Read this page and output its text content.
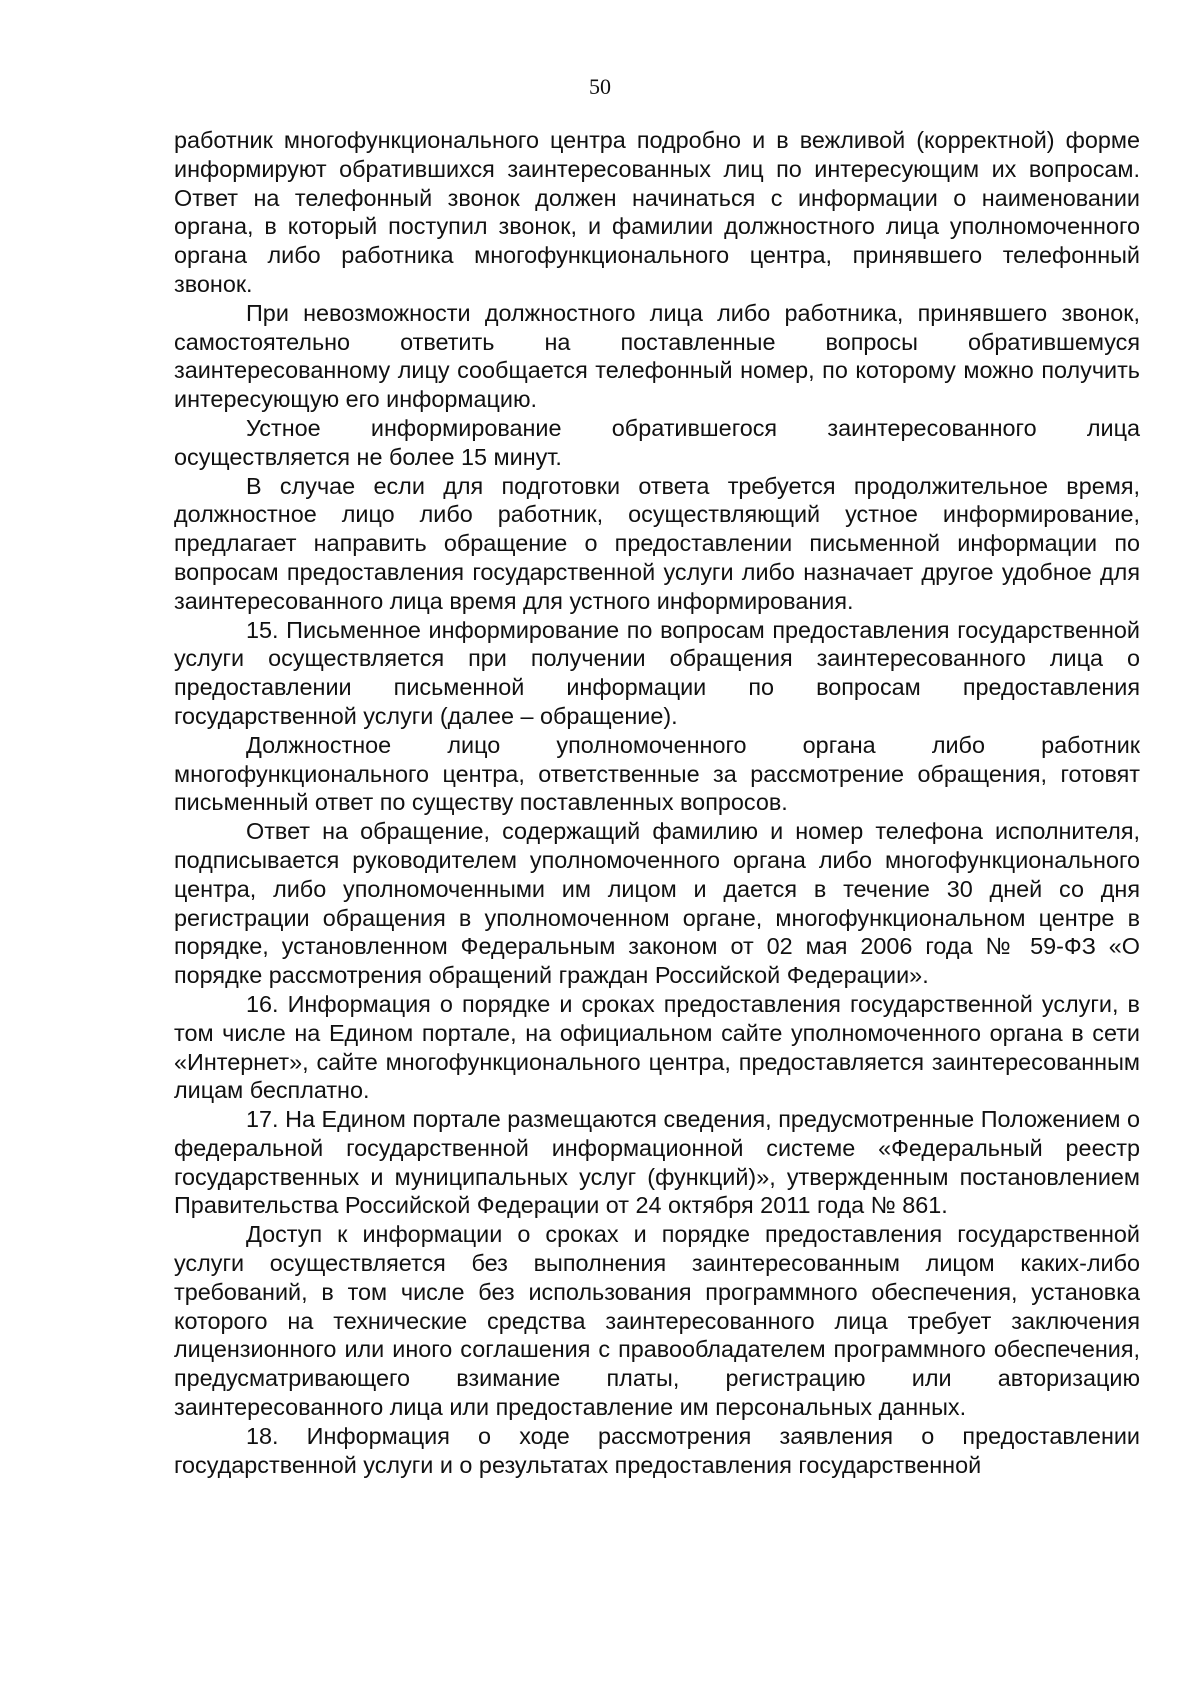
50

работник многофункционального центра подробно и в вежливой (корректной) форме информируют обратившихся заинтересованных лиц по интересующим их вопросам. Ответ на телефонный звонок должен начинаться с информации о наименовании органа, в который поступил звонок, и фамилии должностного лица уполномоченного органа либо работника многофункционального центра, принявшего телефонный звонок.

При невозможности должностного лица либо работника, принявшего звонок, самостоятельно ответить на поставленные вопросы обратившемуся заинтересованному лицу сообщается телефонный номер, по которому можно получить интересующую его информацию.

Устное информирование обратившегося заинтересованного лица осуществляется не более 15 минут.

В случае если для подготовки ответа требуется продолжительное время, должностное лицо либо работник, осуществляющий устное информирование, предлагает направить обращение о предоставлении письменной информации по вопросам предоставления государственной услуги либо назначает другое удобное для заинтересованного лица время для устного информирования.

15. Письменное информирование по вопросам предоставления государственной услуги осуществляется при получении обращения заинтересованного лица о предоставлении письменной информации по вопросам предоставления государственной услуги (далее – обращение).

Должностное лицо уполномоченного органа либо работник многофункционального центра, ответственные за рассмотрение обращения, готовят письменный ответ по существу поставленных вопросов.

Ответ на обращение, содержащий фамилию и номер телефона исполнителя, подписывается руководителем уполномоченного органа либо многофункционального центра, либо уполномоченными им лицом и дается в течение 30 дней со дня регистрации обращения в уполномоченном органе, многофункциональном центре в порядке, установленном Федеральным законом от 02 мая 2006 года № 59-ФЗ «О порядке рассмотрения обращений граждан Российской Федерации».

16. Информация о порядке и сроках предоставления государственной услуги, в том числе на Едином портале, на официальном сайте уполномоченного органа в сети «Интернет», сайте многофункционального центра, предоставляется заинтересованным лицам бесплатно.

17. На Едином портале размещаются сведения, предусмотренные Положением о федеральной государственной информационной системе «Федеральный реестр государственных и муниципальных услуг (функций)», утвержденным постановлением Правительства Российской Федерации от 24 октября 2011 года № 861.

Доступ к информации о сроках и порядке предоставления государственной услуги осуществляется без выполнения заинтересованным лицом каких-либо требований, в том числе без использования программного обеспечения, установка которого на технические средства заинтересованного лица требует заключения лицензионного или иного соглашения с правообладателем программного обеспечения, предусматривающего взимание платы, регистрацию или авторизацию заинтересованного лица или предоставление им персональных данных.

18. Информация о ходе рассмотрения заявления о предоставлении государственной услуги и о результатах предоставления государственной
